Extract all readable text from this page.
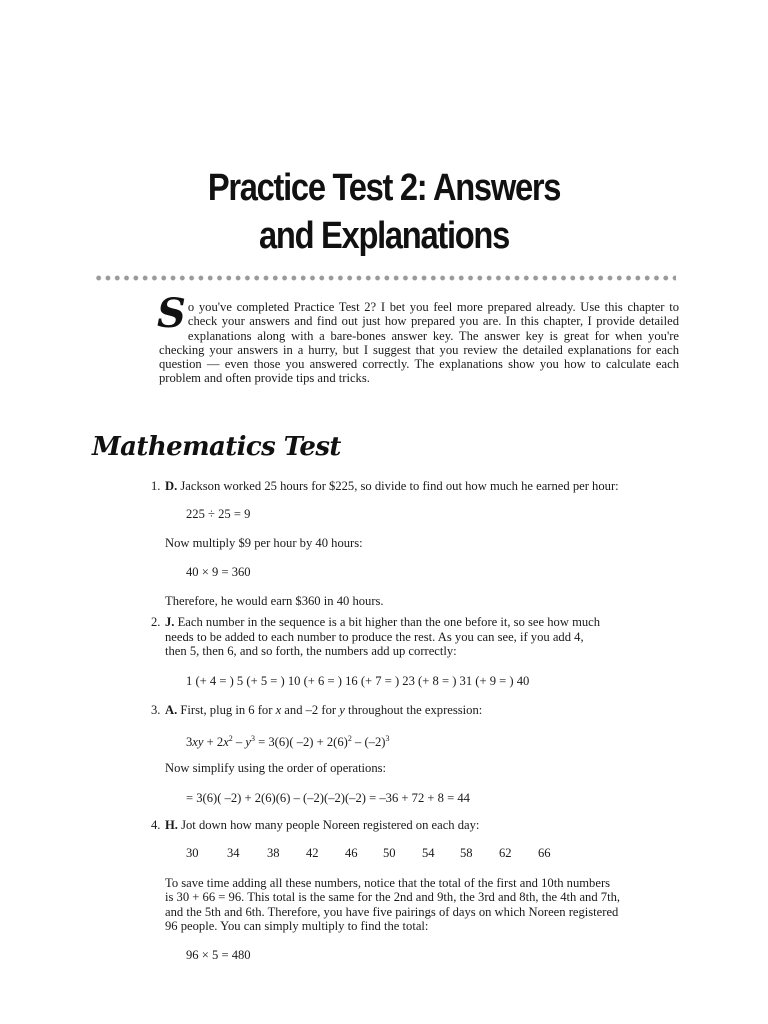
Practice Test 2: Answers
and Explanations
So you've completed Practice Test 2? I bet you feel more prepared already. Use this chapter to check your answers and find out just how prepared you are. In this chapter, I provide detailed explanations along with a bare-bones answer key. The answer key is great for when you're checking your answers in a hurry, but I suggest that you review the detailed explanations for each question — even those you answered correctly. The explanations show you how to calculate each problem and often provide tips and tricks.
Mathematics Test
1. D. Jackson worked 25 hours for $225, so divide to find out how much he earned per hour:
225 ÷ 25 = 9
Now multiply $9 per hour by 40 hours:
40 × 9 = 360
Therefore, he would earn $360 in 40 hours.
2. J. Each number in the sequence is a bit higher than the one before it, so see how much
needs to be added to each number to produce the rest. As you can see, if you add 4,
then 5, then 6, and so forth, the numbers add up correctly:
1 (+ 4 = ) 5 (+ 5 = ) 10 (+ 6 = ) 16 (+ 7 = ) 23 (+ 8 = ) 31 (+ 9 = ) 40
3. A. First, plug in 6 for x and –2 for y throughout the expression:
$3xy + 2x^2 - y^3 = 3(6)$( $-2) + 2(6)^2 - (-2)^3$
Now simplify using the order of operations:
= 3(6)( –2) + 2(6)(6) – (–2)(–2)(–2) = –36 + 72 + 8 = 44
4. H. Jot down how many people Noreen registered on each day:
30 34 38 42 46 50 54 58 62 66
To save time adding all these numbers, notice that the total of the first and 10th numbers
is 30 + 66 = 96. This total is the same for the 2nd and 9th, the 3rd and 8th, the 4th and 7th,
and the 5th and 6th. Therefore, you have five pairings of days on which Noreen registered
96 people. You can simply multiply to find the total:
96 × 5 = 480
